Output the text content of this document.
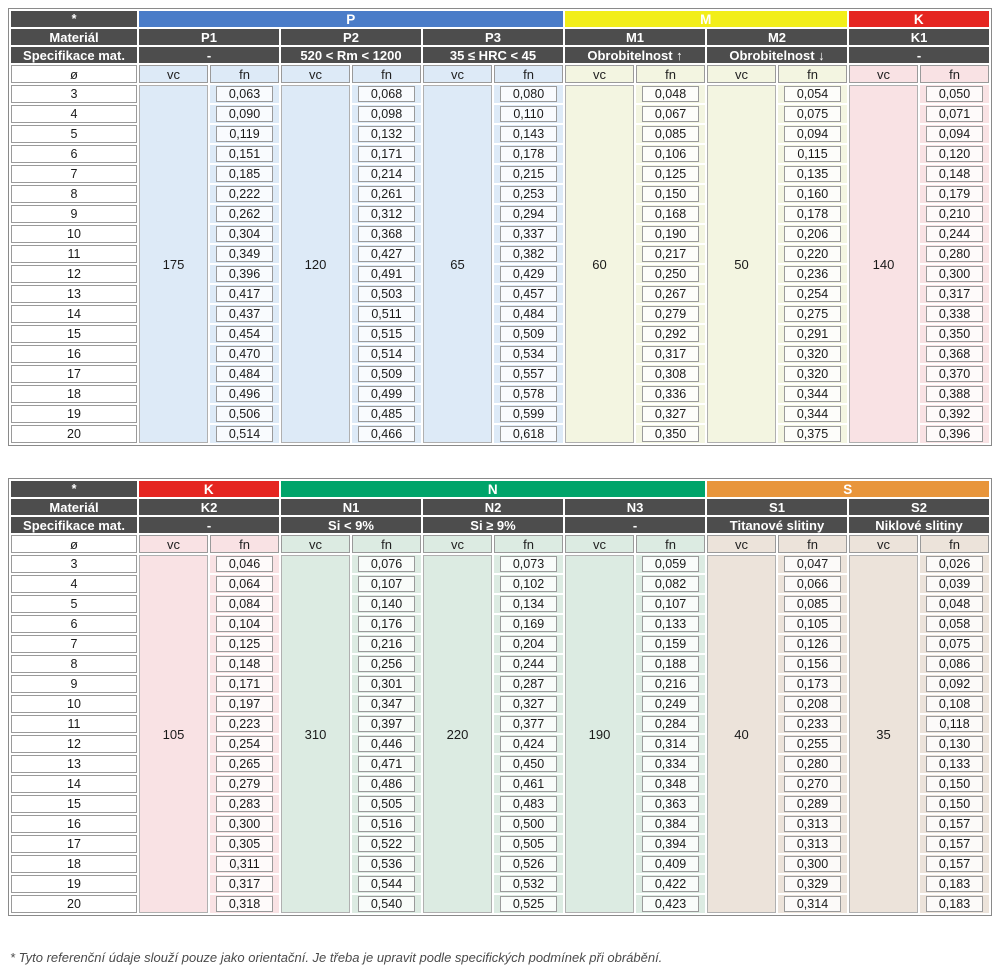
*	P						M				K	
Materiál	P1		P2		P3		M1		M2		K1	
Specifikace mat.	-		520 < Rm < 1200		35 ≤ HRC < 45		Obrobitelnost ↑		Obrobitelnost ↓		-	
ø	vc	fn	vc	fn	vc	fn	vc	fn	vc	fn	vc	fn
3	175	0,063	120	0,068	65	0,080	60	0,048	50	0,054	140	0,050

4		0,090		0,098		0,110		0,067		0,075		0,071

5		0,119		0,132		0,143		0,085		0,094		0,094

6		0,151		0,171		0,178		0,106		0,115		0,120

7		0,185		0,214		0,215		0,125		0,135		0,148

8		0,222		0,261		0,253		0,150		0,160		0,179

9		0,262		0,312		0,294		0,168		0,178		0,210

10		0,304		0,368		0,337		0,190		0,206		0,244

11		0,349		0,427		0,382		0,217		0,220		0,280

12		0,396		0,491		0,429		0,250		0,236		0,300

13		0,417		0,503		0,457		0,267		0,254		0,317

14		0,437		0,511		0,484		0,279		0,275		0,338

15		0,454		0,515		0,509		0,292		0,291		0,350

16		0,470		0,514		0,534		0,317		0,320		0,368

17		0,484		0,509		0,557		0,308		0,320		0,370

18		0,496		0,499		0,578		0,336		0,344		0,388

19		0,506		0,485		0,599		0,327		0,344		0,392

20		0,514		0,466		0,618		0,350		0,375		0,396
*	K		N						S			
Materiál	K2		N1		N2		N3		S1		S2	
Specifikace mat.	-		Si < 9%		Si ≥ 9%		-		Titanové slitiny		Niklové slitiny	
ø	vc	fn	vc	fn	vc	fn	vc	fn	vc	fn	vc	fn
3	105	0,046	310	0,076	220	0,073	190	0,059	40	0,047	35	0,026

4		0,064		0,107		0,102		0,082		0,066		0,039

5		0,084		0,140		0,134		0,107		0,085		0,048

6		0,104		0,176		0,169		0,133		0,105		0,058

7		0,125		0,216		0,204		0,159		0,126		0,075

8		0,148		0,256		0,244		0,188		0,156		0,086

9		0,171		0,301		0,287		0,216		0,173		0,092

10		0,197		0,347		0,327		0,249		0,208		0,108

11		0,223		0,397		0,377		0,284		0,233		0,118

12		0,254		0,446		0,424		0,314		0,255		0,130

13		0,265		0,471		0,450		0,334		0,280		0,133

14		0,279		0,486		0,461		0,348		0,270		0,150

15		0,283		0,505		0,483		0,363		0,289		0,150

16		0,300		0,516		0,500		0,384		0,313		0,157

17		0,305		0,522		0,505		0,394		0,313		0,157

18		0,311		0,536		0,526		0,409		0,300		0,157

19		0,317		0,544		0,532		0,422		0,329		0,183

20		0,318		0,540		0,525		0,423		0,314		0,183
* Tyto referenční údaje slouží pouze jako orientační. Je třeba je upravit podle specifických podmínek při obrábění.
